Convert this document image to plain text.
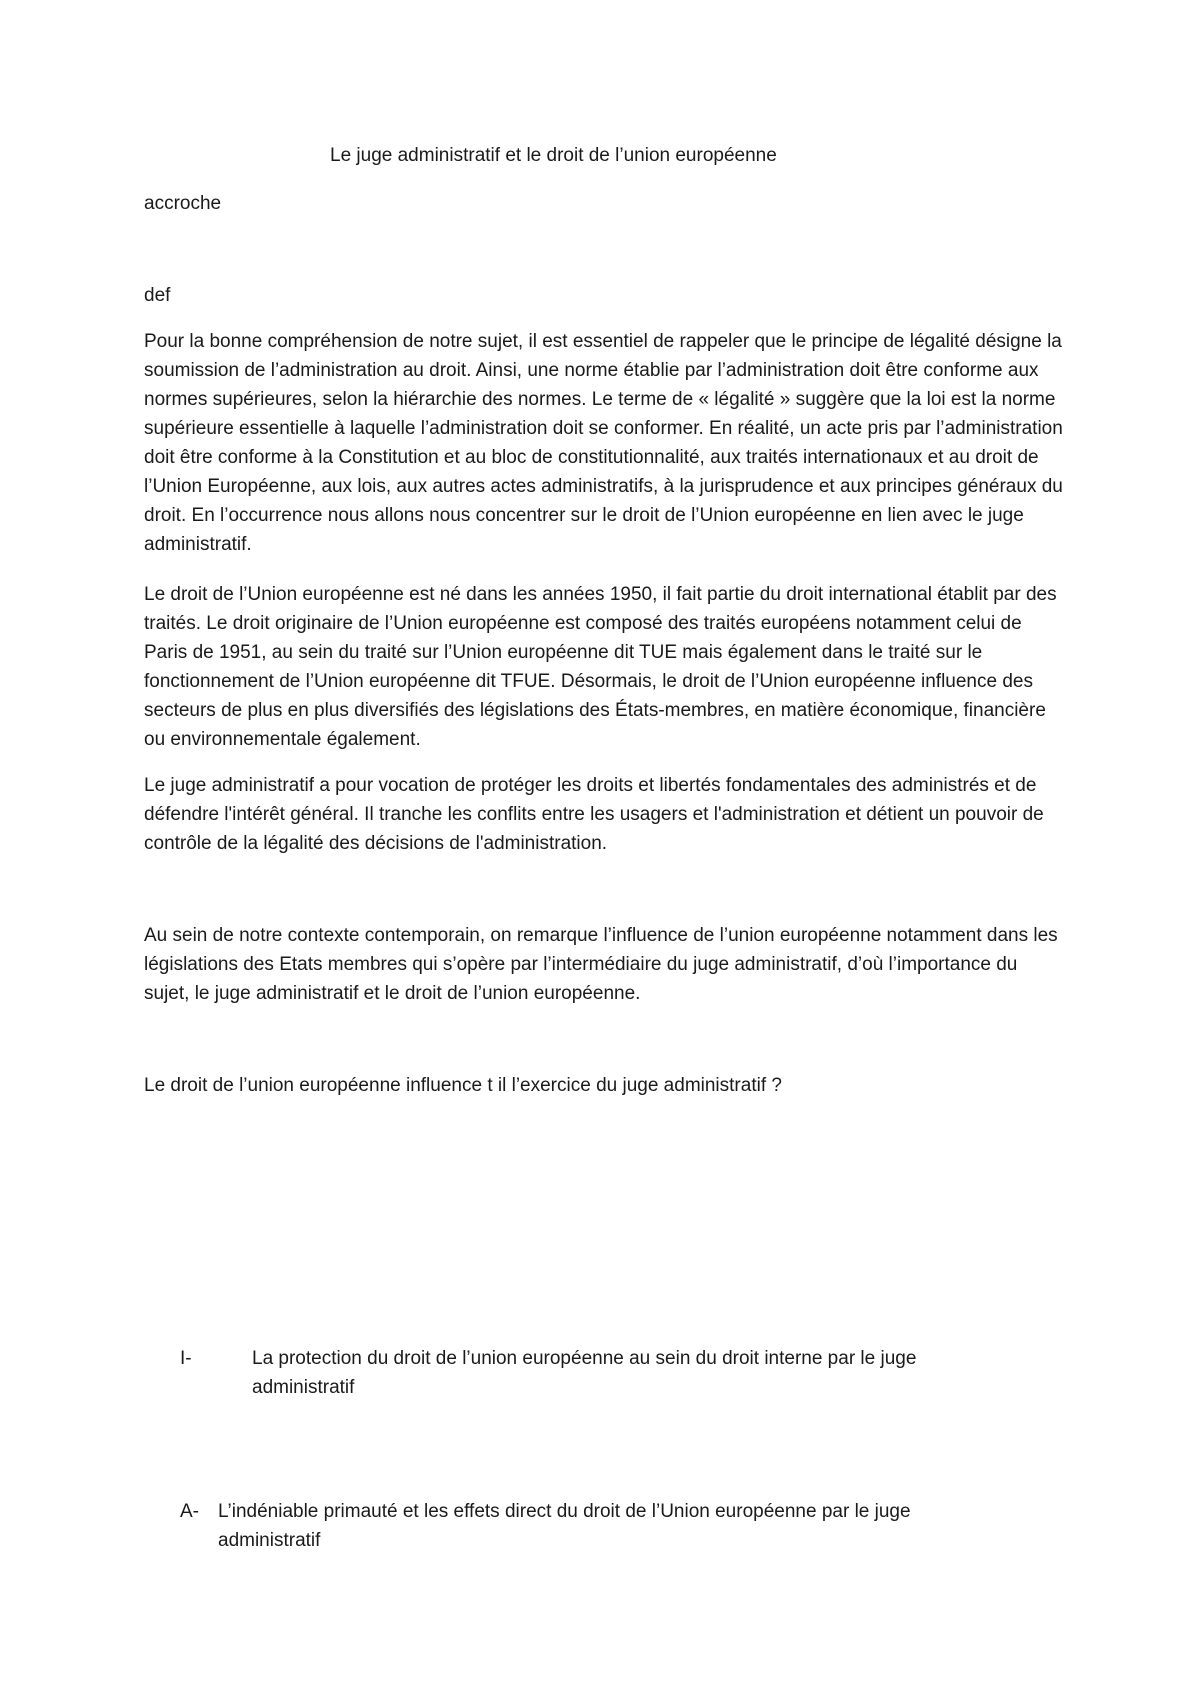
Le juge administratif et le droit de l’union européenne
accroche
def

Pour la bonne compréhension de notre sujet, il est essentiel de rappeler que le principe de légalité désigne la soumission de l’administration au droit. Ainsi, une norme établie par l’administration doit être conforme aux normes supérieures, selon la hiérarchie des normes. Le terme de « légalité » suggère que la loi est la norme supérieure essentielle à laquelle l’administration doit se conformer. En réalité, un acte pris par l’administration doit être conforme à la Constitution et au bloc de constitutionnalité, aux traités internationaux et au droit de l’Union Européenne, aux lois, aux autres actes administratifs, à la jurisprudence et aux principes généraux du droit. En l’occurrence nous allons nous concentrer sur le droit de l’Union européenne en lien avec le juge administratif.

Le droit de l’Union européenne est né dans les années 1950, il fait partie du droit international établit par des traités. Le droit originaire de l’Union européenne est composé des traités européens notamment celui de Paris de 1951, au sein du traité sur l’Union européenne dit TUE mais également dans le traité sur le fonctionnement de l’Union européenne dit TFUE. Désormais, le droit de l’Union européenne influence des secteurs de plus en plus diversifiés des législations des États-membres, en matière économique, financière ou environnementale également.

Le juge administratif a pour vocation de protéger les droits et libertés fondamentales des administrés et de défendre l'intérêt général. Il tranche les conflits entre les usagers et l'administration et détient un pouvoir de contrôle de la légalité des décisions de l'administration.

Au sein de notre contexte contemporain, on remarque l’influence de l’union européenne notamment dans les législations des Etats membres qui s’opère par l’intermédiaire du juge administratif, d’où l’importance du sujet, le juge administratif et le droit de l’union européenne.

Le droit de l’union européenne influence t il l’exercice du juge administratif ?

I-	La protection du droit de l’union européenne au sein du droit interne par le juge administratif
A- L’indéniable primauté et les effets direct du droit de l’Union européenne par le juge administratif
